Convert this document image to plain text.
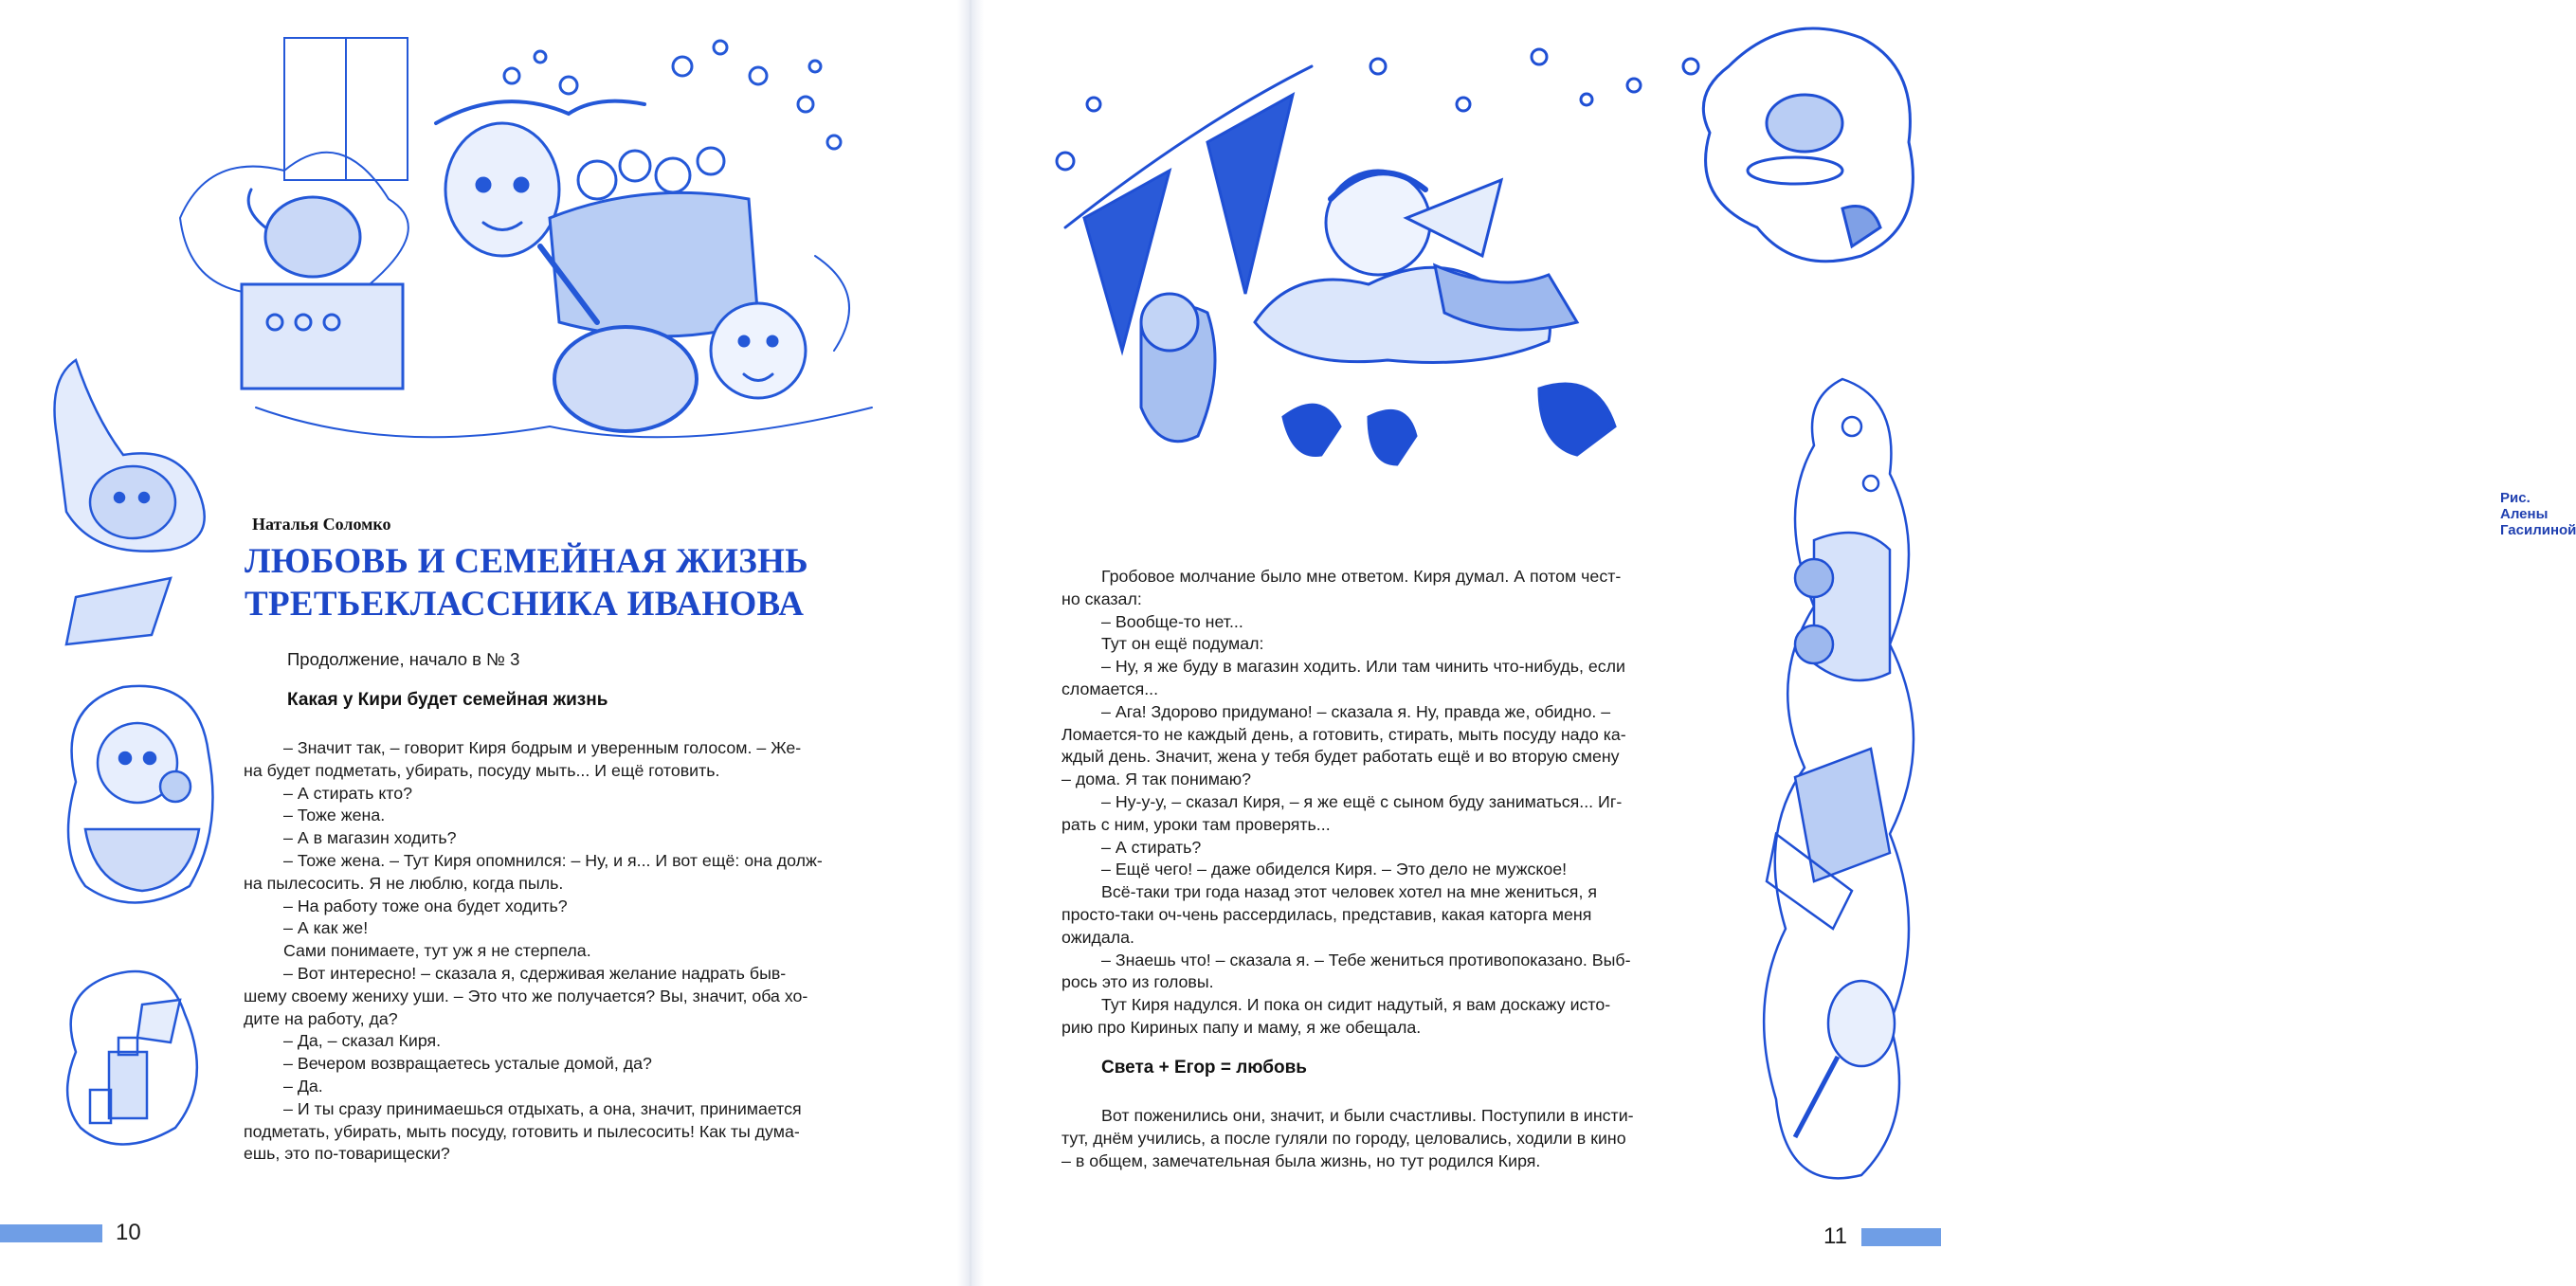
Наталья Соломко
ЛЮБОВЬ И СЕМЕЙНАЯ ЖИЗНЬ
ТРЕТЬЕКЛАССНИКА ИВАНОВА
Продолжение, начало в № 3
Какая у Кири будет семейная жизнь
– Значит так, – говорит Киря бодрым и уверенным голосом. – Же-
на будет подметать, убирать, посуду мыть... И ещё готовить.
– А стирать кто?
– Тоже жена.
– А в магазин ходить?
– Тоже жена. – Тут Киря опомнился: – Ну, и я... И вот ещё: она долж-
на пылесосить. Я не люблю, когда пыль.
– На работу тоже она будет ходить?
– А как же!
Сами понимаете, тут уж я не стерпела.
– Вот интересно! – сказала я, сдерживая желание надрать быв-
шему своему жениху уши. – Это что же получается? Вы, значит, оба хо-
дите на работу, да?
– Да, – сказал Киря.
– Вечером возвращаетесь усталые домой, да?
– Да.
– И ты сразу принимаешься отдыхать, а она, значит, принимается
подметать, убирать, мыть посуду, готовить и пылесосить! Как ты дума-
ешь, это по-товарищески?
10
Рис. Алены Гасилиной
Гробовое молчание было мне ответом. Киря думал. А потом чест-
но сказал:
– Вообще-то нет...
Тут он ещё подумал:
– Ну, я же буду в магазин ходить. Или там чинить что-нибудь, если
сломается...
– Ага! Здорово придумано! – сказала я. Ну, правда же, обидно. –
Ломается-то не каждый день, а готовить, стирать, мыть посуду надо ка-
ждый день. Значит, жена у тебя будет работать ещё и во вторую смену
– дома. Я так понимаю?
– Ну-у-у, – сказал Киря, – я же ещё с сыном буду заниматься... Иг-
рать с ним, уроки там проверять...
– А стирать?
– Ещё чего! – даже обиделся Киря. – Это дело не мужское!
Всё-таки три года назад этот человек хотел на мне жениться, я
просто-таки оч-чень рассердилась, представив, какая каторга меня
ожидала.
– Знаешь что! – сказала я. – Тебе жениться противопоказано. Выб-
рось это из головы.
Тут Киря надулся. И пока он сидит надутый, я вам доскажу исто-
рию про Кириных папу и маму, я же обещала.
Света + Егор = любовь
Вот поженились они, значит, и были счастливы. Поступили в инсти-
тут, днём учились, а после гуляли по городу, целовались, ходили в кино
– в общем, замечательная была жизнь, но тут родился Киря.
11
